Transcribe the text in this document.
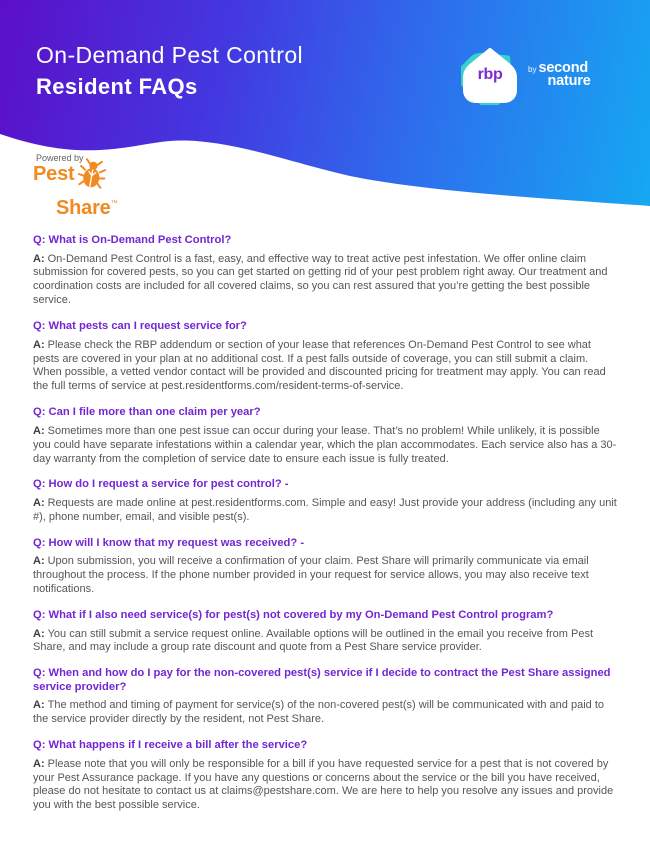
On-Demand Pest Control
Resident FAQs	rbp	by second
nature

Powered by

Pest
Share™
Q: What is On-Demand Pest Control?

A: On-Demand Pest Control is a fast, easy, and effective way to treat active pest infestation. We offer online claim submission for covered pests, so you can get started on getting rid of your pest problem right away. Our treatment and coordination costs are included for all covered claims, so you can rest assured that you’re getting the best possible service.

Q: What pests can I request service for?

A: Please check the RBP addendum or section of your lease that references On-Demand Pest Control to see what pests are covered in your plan at no additional cost. If a pest falls outside of coverage, you can still submit a claim. When possible, a vetted vendor contact will be provided and discounted pricing for treatment may apply. You can read the full terms of service at pest.residentforms.com/resident-terms-of-service.

Q: Can I file more than one claim per year?

A: Sometimes more than one pest issue can occur during your lease. That’s no problem! While unlikely, it is possible you could have separate infestations within a calendar year, which the plan accommodates. Each service also has a 30-day warranty from the completion of service date to ensure each issue is fully treated.

Q: How do I request a service for pest control? -

A: Requests are made online at pest.residentforms.com. Simple and easy! Just provide your address (including any unit #), phone number, email, and visible pest(s).

Q: How will I know that my request was received? -

A: Upon submission, you will receive a confirmation of your claim. Pest Share will primarily communicate via email throughout the process. If the phone number provided in your request for service allows, you may also receive text notifications.

Q: What if I also need service(s) for pest(s) not covered by my On-Demand Pest Control program?

A: You can still submit a service request online. Available options will be outlined in the email you receive from Pest Share, and may include a group rate discount and quote from a Pest Share service provider.

Q: When and how do I pay for the non-covered pest(s) service if I decide to contract the Pest Share assigned service provider?

A: The method and timing of payment for service(s) of the non-covered pest(s) will be communicated with and paid to the service provider directly by the resident, not Pest Share.

Q: What happens if I receive a bill after the service?

A: Please note that you will only be responsible for a bill if you have requested service for a pest that is not covered by your Pest Assurance package. If you have any questions or concerns about the service or the bill you have received, please do not hesitate to contact us at claims@pestshare.com. We are here to help you resolve any issues and provide you with the best possible service.
